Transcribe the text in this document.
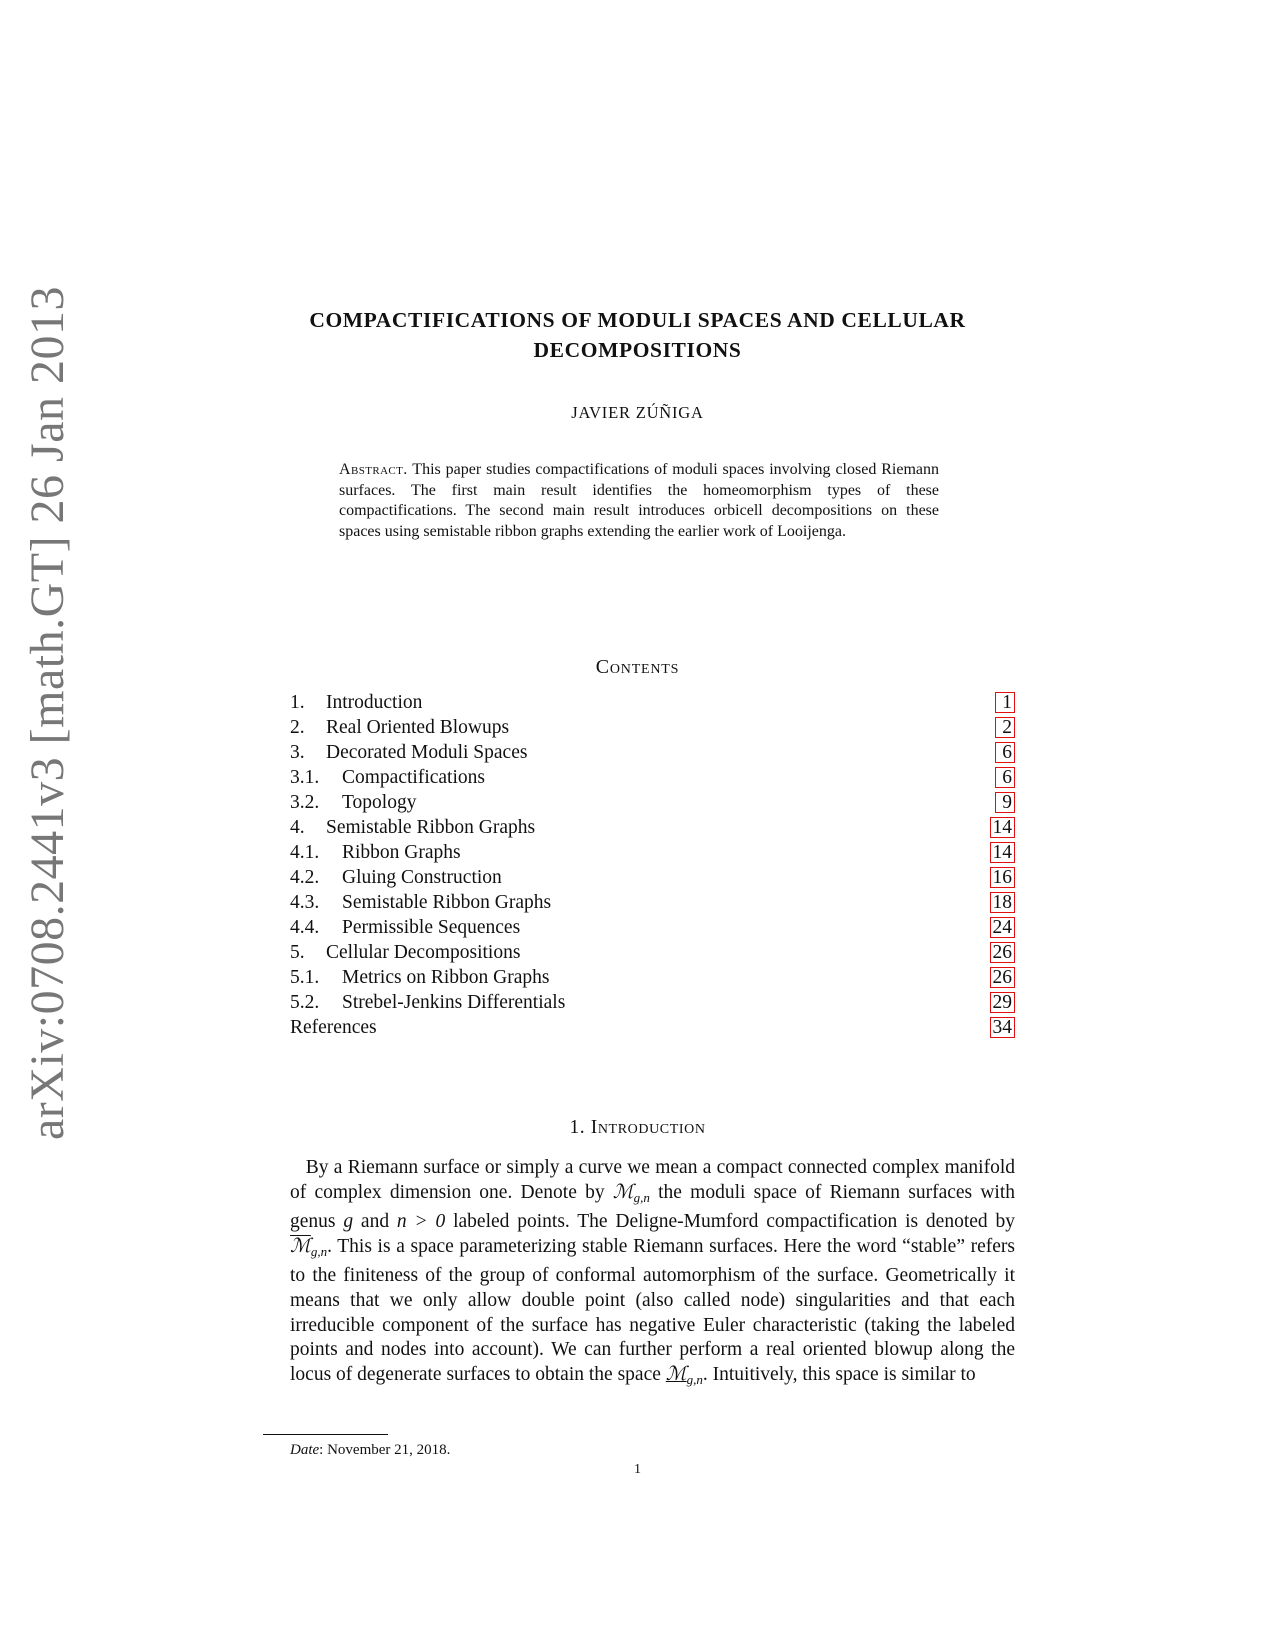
arXiv:0708.2441v3 [math.GT] 26 Jan 2013	COMPACTIFICATIONS OF MODULI SPACES AND CELLULAR
DECOMPOSITIONS
JAVIER ZÚÑIGA
Abstract. This paper studies compactifications of moduli spaces involving closed Riemann surfaces. The first main result identifies the homeomorphism types of these compactifications. The second main result introduces orbicell decompositions on these spaces using semistable ribbon graphs extending the earlier work of Looijenga.
Contents
1. Introduction	1
2. Real Oriented Blowups	2
3. Decorated Moduli Spaces	6
3.1. Compactifications	6
3.2. Topology	9
4. Semistable Ribbon Graphs	14
4.1. Ribbon Graphs	14
4.2. Gluing Construction	16
4.3. Semistable Ribbon Graphs	18
4.4. Permissible Sequences	24
5. Cellular Decompositions	26
5.1. Metrics on Ribbon Graphs	26
5.2. Strebel-Jenkins Differentials	29
References	34
1. Introduction
By a Riemann surface or simply a curve we mean a compact connected complex manifold of complex dimension one. Denote by ℳ$_{g,n}$ the moduli space of Riemann surfaces with genus g and n > 0 labeled points. The Deligne-Mumford compactification is denoted by ℳ$_{g,n}$. This is a space parameterizing stable Riemann surfaces. Here the word “stable” refers to the finiteness of the group of conformal automorphism of the surface. Geometrically it means that we only allow double point (also called node) singularities and that each irreducible component of the surface has negative Euler characteristic (taking the labeled points and nodes into account). We can further perform a real oriented blowup along the locus of degenerate surfaces to obtain the space ℳ$_{g,n}$. Intuitively, this space is similar to
Date: November 21, 2018.
1
